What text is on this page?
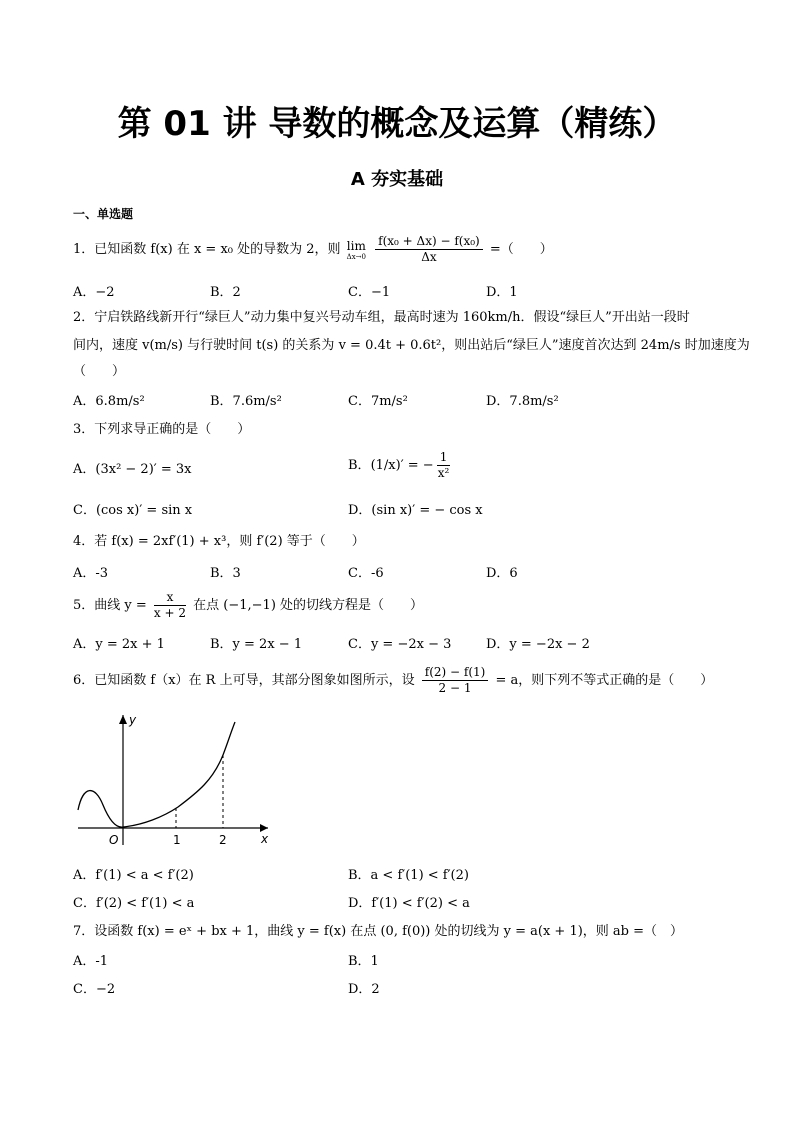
第 01 讲 导数的概念及运算（精练）
A 夯实基础
一、单选题
1．已知函数 f(x) 在 x = x₀ 处的导数为 2，则 lim
Δx→0
$\frac{\text{f(x₀ + Δx) − f(x₀)}}{\Delta x}$ =（　　）
A．−2	B．2	C．−1	D．1
2．宁启铁路线新开行“绿巨人”动力集中复兴号动车组，最高时速为 160km/h．假设“绿巨人”开出站一段时
间内，速度 v(m/s) 与行驶时间 t(s) 的关系为 v = 0.4t + 0.6t²，则出站后“绿巨人”速度首次达到 24m/s 时加速度为
（　　）
A．6.8m/s²	B．7.6m/s²	C．7m/s²	D．7.8m/s²
3．下列求导正确的是（　　）
A．(3x² − 2)′ = 3x	B．(1/x)′ = − $\frac{1}{\text{x²}}$
C．(cos x)′ = sin x	D．(sin x)′ = − cos x
4．若 f(x) = 2xf′(1) + x³，则 f′(2) 等于（　　）
A．-3	B．3	C．-6	D．6
5．曲线 $y = \frac{x}{x + 2}$ 在点 (−1,−1) 处的切线方程是（　　）
A．y = 2x + 1	B．y = 2x − 1	C．y = −2x − 3	D．y = −2x − 2
6．已知函数 f（x）在 R 上可导，其部分图象如图所示，设 $\frac{f(2) - f(1)}{2 - 1} = a$，则下列不等式正确的是（　　）
y
x
O	1	2
A．f′(1) < a < f′(2)	B．a < f′(1) < f′(2)
C．f′(2) < f′(1) < a	D．f′(1) < f′(2) < a
7．设函数 f(x) = eˣ + bx + 1，曲线 y = f(x) 在点 (0, f(0)) 处的切线为 y = a(x + 1)，则 ab =（　）
A．-1	B．1
C．−2	D．2
